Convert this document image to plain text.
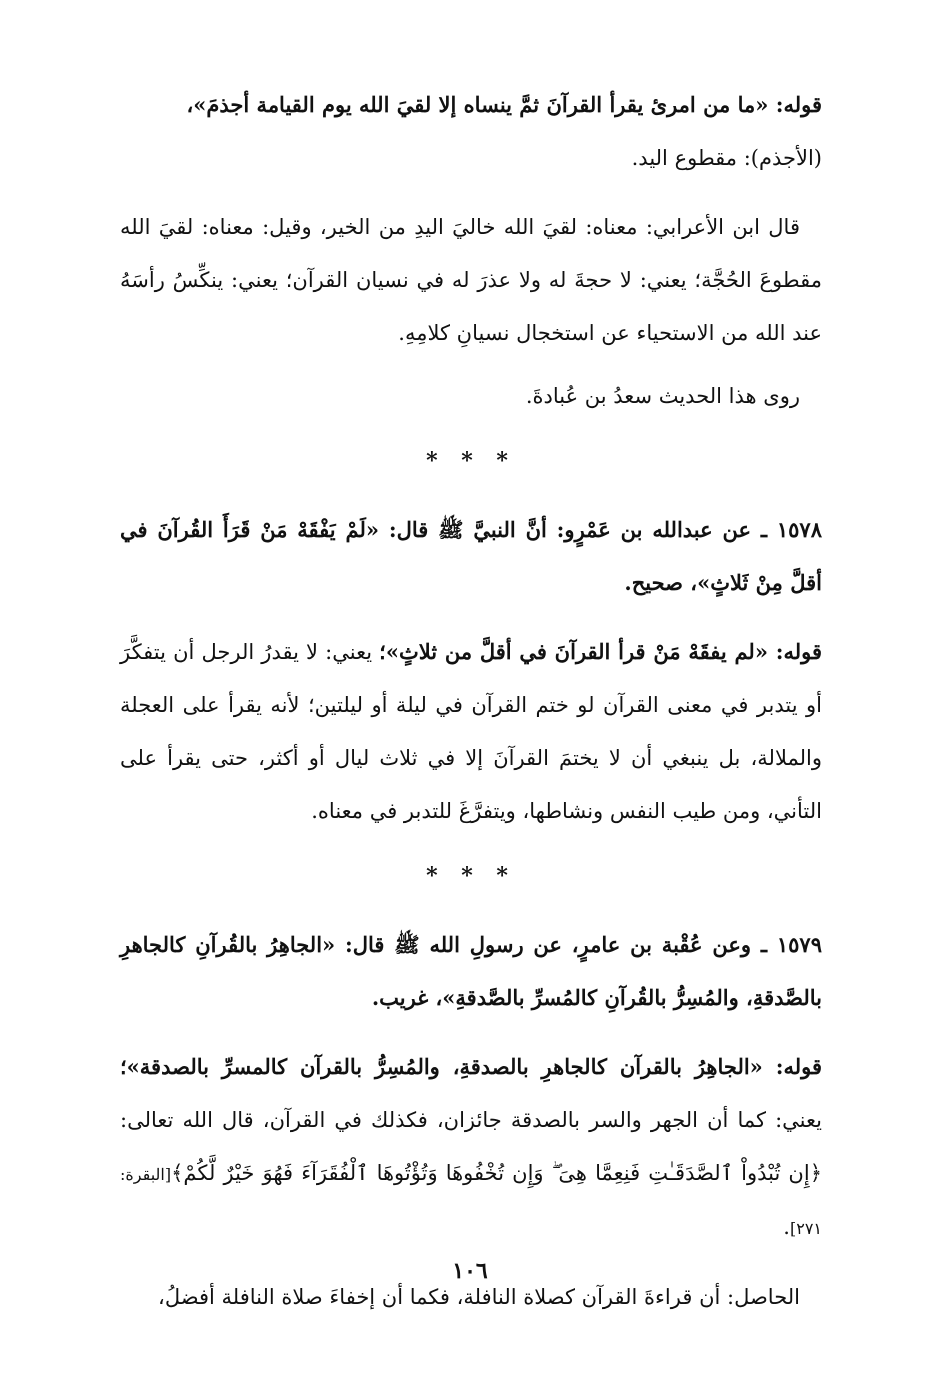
قوله: «ما من امرئ يقرأ القرآنَ ثمَّ ينساه إلا لقيَ الله يوم القيامة أجذمَ»،

(الأجذم): مقطوع اليد.

قال ابن الأعرابي: معناه: لقيَ الله خاليَ اليدِ من الخير، وقيل: معناه: لقيَ الله مقطوعَ الحُجَّة؛ يعني: لا حجةَ له ولا عذرَ له في نسيان القرآن؛ يعني: ينكِّسُ رأسَهُ عند الله من الاستحياء عن استخجال نسيانِ كلامِهِ.

روى هذا الحديث سعدُ بن عُبادةَ.

* * *

١٥٧٨ ـ عن عبدالله بن عَمْرٍو: أنَّ النبيَّ ﷺ قال: «لَمْ يَفْقَهْ مَنْ قَرَأَ القُرآنَ في أقلَّ مِنْ ثَلاثٍ»، صحيح.

قوله: «لم يفقَهْ مَنْ قرأ القرآنَ في أقلَّ من ثلاثٍ»؛ يعني: لا يقدرُ الرجل أن يتفكَّرَ أو يتدبر في معنى القرآن لو ختم القرآن في ليلة أو ليلتين؛ لأنه يقرأ على العجلة والملالة، بل ينبغي أن لا يختمَ القرآنَ إلا في ثلاث ليال أو أكثر، حتى يقرأ على التأني، ومن طيب النفس ونشاطها، ويتفرَّغَ للتدبر في معناه.

* * *

١٥٧٩ ـ وعن عُقْبة بن عامرٍ، عن رسولِ الله ﷺ قال: «الجاهِرُ بالقُرآنِ كالجاهرِ بالصَّدقةِ، والمُسِرُّ بالقُرآنِ كالمُسرِّ بالصَّدقةِ»، غريب.

قوله: «الجاهِرُ بالقرآن كالجاهرِ بالصدقةِ، والمُسِرُّ بالقرآن كالمسرِّ بالصدقة»؛ يعني: كما أن الجهر والسر بالصدقة جائزان، فكذلك في القرآن، قال الله تعالى: ﴿إِن تُبْدُواْ ٱلصَّدَقَـٰتِ فَنِعِمَّا هِىَ ۖ وَإِن تُخْفُوهَا وَتُؤْتُوهَا ٱلْفُقَرَآءَ فَهُوَ خَيْرٌ لَّكُمْ﴾[البقرة: ٢٧١].

الحاصل: أن قراءةَ القرآن كصلاة النافلة، فكما أن إخفاءَ صلاة النافلة أفضلُ،

١٠٦
